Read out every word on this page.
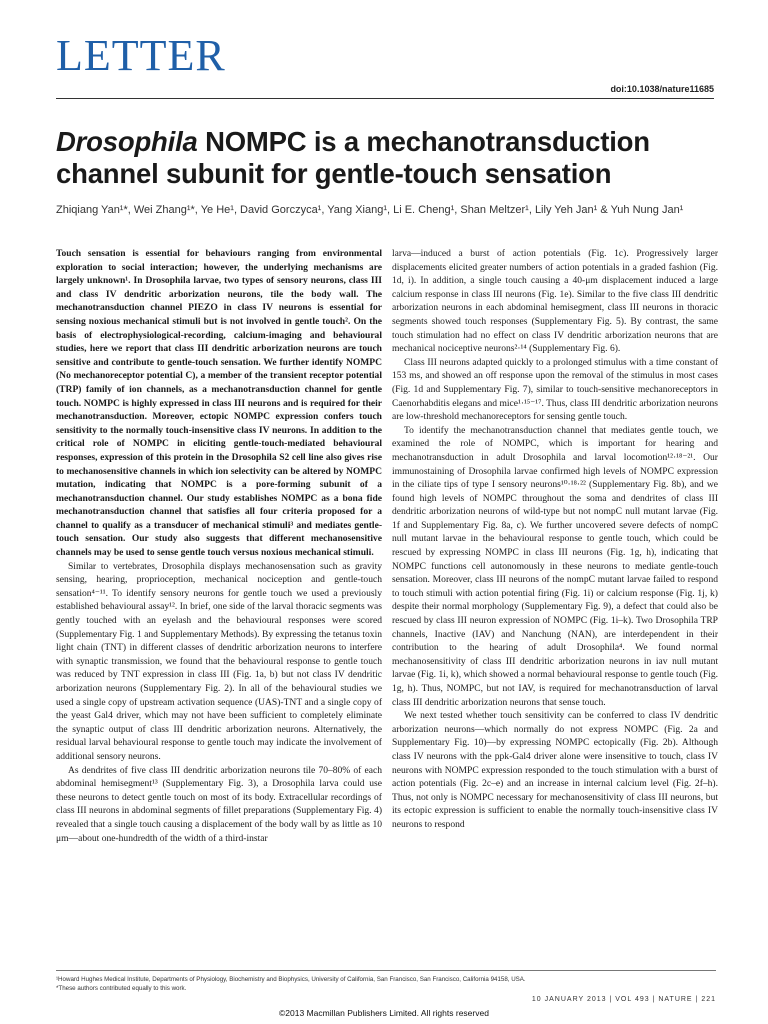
LETTER
doi:10.1038/nature11685
Drosophila NOMPC is a mechanotransduction channel subunit for gentle-touch sensation
Zhiqiang Yan¹*, Wei Zhang¹*, Ye He¹, David Gorczyca¹, Yang Xiang¹, Li E. Cheng¹, Shan Meltzer¹, Lily Yeh Jan¹ & Yuh Nung Jan¹

Touch sensation is essential for behaviours ranging from environmental exploration to social interaction; however, the underlying mechanisms are largely unknown¹. In Drosophila larvae, two types of sensory neurons, class III and class IV dendritic arborization neurons, tile the body wall. The mechanotransduction channel PIEZO in class IV neurons is essential for sensing noxious mechanical stimuli but is not involved in gentle touch². On the basis of electrophysiological-recording, calcium-imaging and behavioural studies, here we report that class III dendritic arborization neurons are touch sensitive and contribute to gentle-touch sensation. We further identify NOMPC (No mechanoreceptor potential C), a member of the transient receptor potential (TRP) family of ion channels, as a mechanotransduction channel for gentle touch. NOMPC is highly expressed in class III neurons and is required for their mechanotransduction. Moreover, ectopic NOMPC expression confers touch sensitivity to the normally touch-insensitive class IV neurons. In addition to the critical role of NOMPC in eliciting gentle-touch-mediated behavioural responses, expression of this protein in the Drosophila S2 cell line also gives rise to mechanosensitive channels in which ion selectivity can be altered by NOMPC mutation, indicating that NOMPC is a pore-forming subunit of a mechanotransduction channel. Our study establishes NOMPC as a bona fide mechanotransduction channel that satisfies all four criteria proposed for a channel to qualify as a transducer of mechanical stimuli³ and mediates gentle-touch sensation. Our study also suggests that different mechanosensitive channels may be used to sense gentle touch versus noxious mechanical stimuli.

Similar to vertebrates, Drosophila displays mechanosensation such as gravity sensing, hearing, proprioception, mechanical nociception and gentle-touch sensation⁴⁻¹¹. To identify sensory neurons for gentle touch we used a previously established behavioural assay¹². In brief, one side of the larval thoracic segments was gently touched with an eyelash and the behavioural responses were scored (Supplementary Fig. 1 and Supplementary Methods). By expressing the tetanus toxin light chain (TNT) in different classes of dendritic arborization neurons to interfere with synaptic transmission, we found that the behavioural response to gentle touch was reduced by TNT expression in class III (Fig. 1a, b) but not class IV dendritic arborization neurons (Supplementary Fig. 2). In all of the behavioural studies we used a single copy of upstream activation sequence (UAS)-TNT and a single copy of the yeast Gal4 driver, which may not have been sufficient to completely eliminate the synaptic output of class III dendritic arborization neurons. Alternatively, the residual larval behavioural response to gentle touch may indicate the involvement of additional sensory neurons.

As dendrites of five class III dendritic arborization neurons tile 70–80% of each abdominal hemisegment¹³ (Supplementary Fig. 3), a Drosophila larva could use these neurons to detect gentle touch on most of its body. Extracellular recordings of class III neurons in abdominal segments of fillet preparations (Supplementary Fig. 4) revealed that a single touch causing a displacement of the body wall by as little as 10 μm—about one-hundredth of the width of a third-instar

larva—induced a burst of action potentials (Fig. 1c). Progressively larger displacements elicited greater numbers of action potentials in a graded fashion (Fig. 1d, i). In addition, a single touch causing a 40-μm displacement induced a large calcium response in class III neurons (Fig. 1e). Similar to the five class III dendritic arborization neurons in each abdominal hemisegment, class III neurons in thoracic segments showed touch responses (Supplementary Fig. 5). By contrast, the same touch stimulation had no effect on class IV dendritic arborization neurons that are mechanical nociceptive neurons²·¹⁴ (Supplementary Fig. 6).

Class III neurons adapted quickly to a prolonged stimulus with a time constant of 153 ms, and showed an off response upon the removal of the stimulus in most cases (Fig. 1d and Supplementary Fig. 7), similar to touch-sensitive mechanoreceptors in Caenorhabditis elegans and mice¹·¹⁵⁻¹⁷. Thus, class III dendritic arborization neurons are low-threshold mechanoreceptors for sensing gentle touch.

To identify the mechanotransduction channel that mediates gentle touch, we examined the role of NOMPC, which is important for hearing and mechanotransduction in adult Drosophila and larval locomotion¹²·¹⁸⁻²¹. Our immunostaining of Drosophila larvae confirmed high levels of NOMPC expression in the ciliate tips of type I sensory neurons¹⁰·¹⁸·²² (Supplementary Fig. 8b), and we found high levels of NOMPC throughout the soma and dendrites of class III dendritic arborization neurons of wild-type but not nompC null mutant larvae (Fig. 1f and Supplementary Fig. 8a, c). We further uncovered severe defects of nompC null mutant larvae in the behavioural response to gentle touch, which could be rescued by expressing NOMPC in class III neurons (Fig. 1g, h), indicating that NOMPC functions cell autonomously in these neurons to mediate gentle-touch sensation. Moreover, class III neurons of the nompC mutant larvae failed to respond to touch stimuli with action potential firing (Fig. 1i) or calcium response (Fig. 1j, k) despite their normal morphology (Supplementary Fig. 9), a defect that could also be rescued by class III neuron expression of NOMPC (Fig. 1i–k). Two Drosophila TRP channels, Inactive (IAV) and Nanchung (NAN), are interdependent in their contribution to the hearing of adult Drosophila⁴. We found normal mechanosensitivity of class III dendritic arborization neurons in iav null mutant larvae (Fig. 1i, k), which showed a normal behavioural response to gentle touch (Fig. 1g, h). Thus, NOMPC, but not IAV, is required for mechanotransduction of larval class III dendritic arborization neurons that sense touch.

We next tested whether touch sensitivity can be conferred to class IV dendritic arborization neurons—which normally do not express NOMPC (Fig. 2a and Supplementary Fig. 10)—by expressing NOMPC ectopically (Fig. 2b). Although class IV neurons with the ppk-Gal4 driver alone were insensitive to touch, class IV neurons with NOMPC expression responded to the touch stimulation with a burst of action potentials (Fig. 2c–e) and an increase in internal calcium level (Fig. 2f–h). Thus, not only is NOMPC necessary for mechanosensitivity of class III neurons, but its ectopic expression is sufficient to enable the normally touch-insensitive class IV neurons to respond

¹Howard Hughes Medical Institute, Departments of Physiology, Biochemistry and Biophysics, University of California, San Francisco, San Francisco, California 94158, USA.
*These authors contributed equally to this work.
10 JANUARY 2013 | VOL 493 | NATURE | 221
©2013 Macmillan Publishers Limited. All rights reserved
